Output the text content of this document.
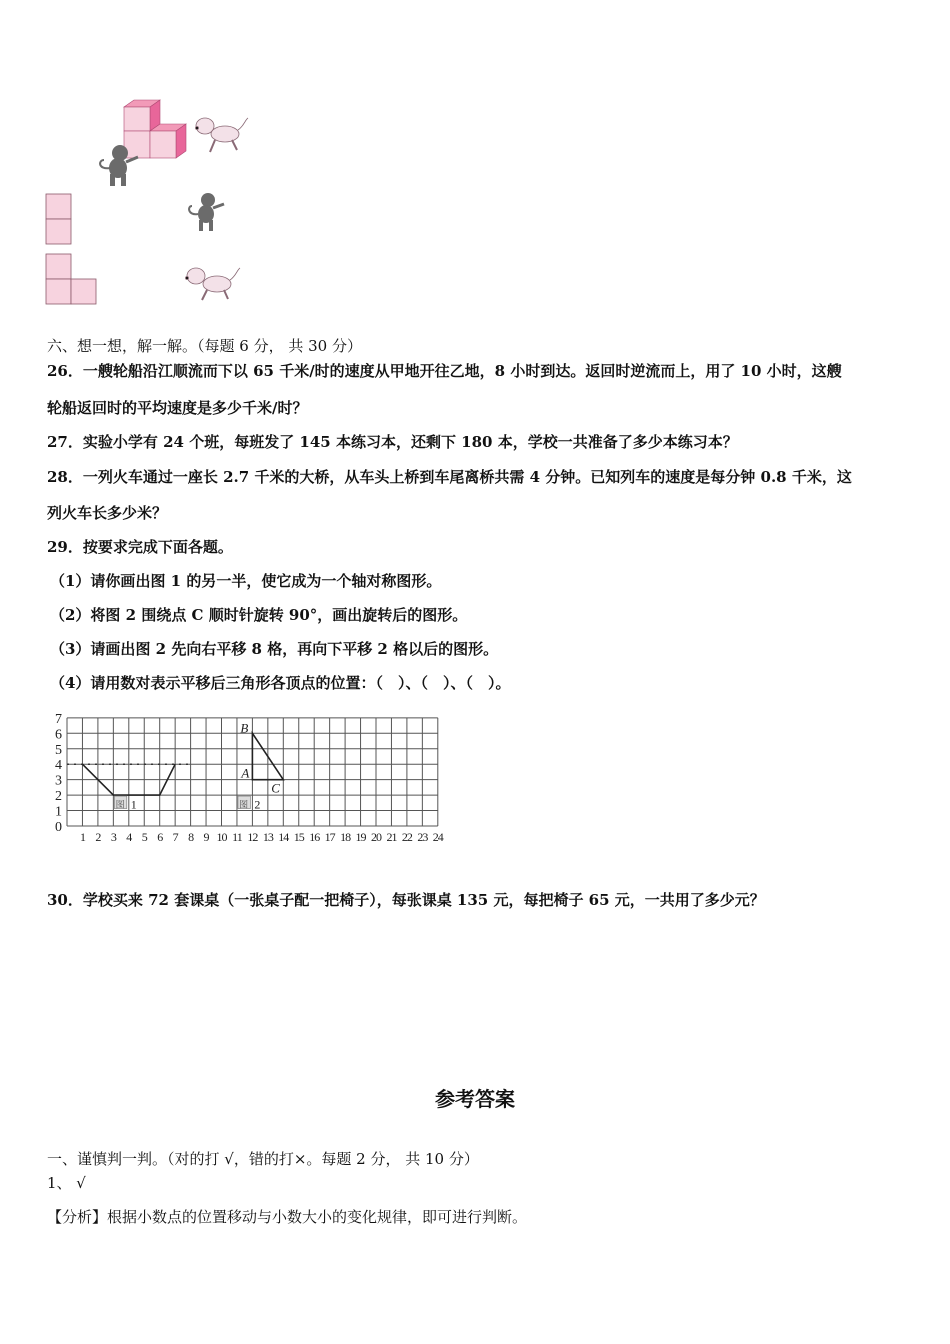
六、想一想，解一解。（每题 6 分， 共 30 分）
26．一艘轮船沿江顺流而下以 65 千米/时的速度从甲地开往乙地，8 小时到达。返回时逆流而上，用了 10 小时，这艘
轮船返回时的平均速度是多少千米/时？
27．实验小学有 24 个班，每班发了 145 本练习本，还剩下 180 本，学校一共准备了多少本练习本？
28．一列火车通过一座长 2.7 千米的大桥，从车头上桥到车尾离桥共需 4 分钟。已知列车的速度是每分钟 0.8 千米，这
列火车长多少米？
29．按要求完成下面各题。
（1）请你画出图 1 的另一半，使它成为一个轴对称图形。
（2）将图 2 围绕点 C 顺时针旋转 90°，画出旋转后的图形。
（3）请画出图 2 先向右平移 8 格，再向下平移 2 格以后的图形。
（4）请用数对表示平移后三角形各顶点的位置：（　）、（　）、（　）。
0
1
2
3
4
5
6
7
1 2 3 4 5 6 7 8 9 10 11 12 13 14 15 16 17 18 19 20 21 22 23 24
图 1	图 2
B
A
C
30．学校买来 72 套课桌（一张桌子配一把椅子），每张课桌 135 元，每把椅子 65 元，一共用了多少元？
参考答案
一、谨慎判一判。（对的打 √，错的打×。每题 2 分， 共 10 分）
1、 √
【分析】根据小数点的位置移动与小数大小的变化规律，即可进行判断。
